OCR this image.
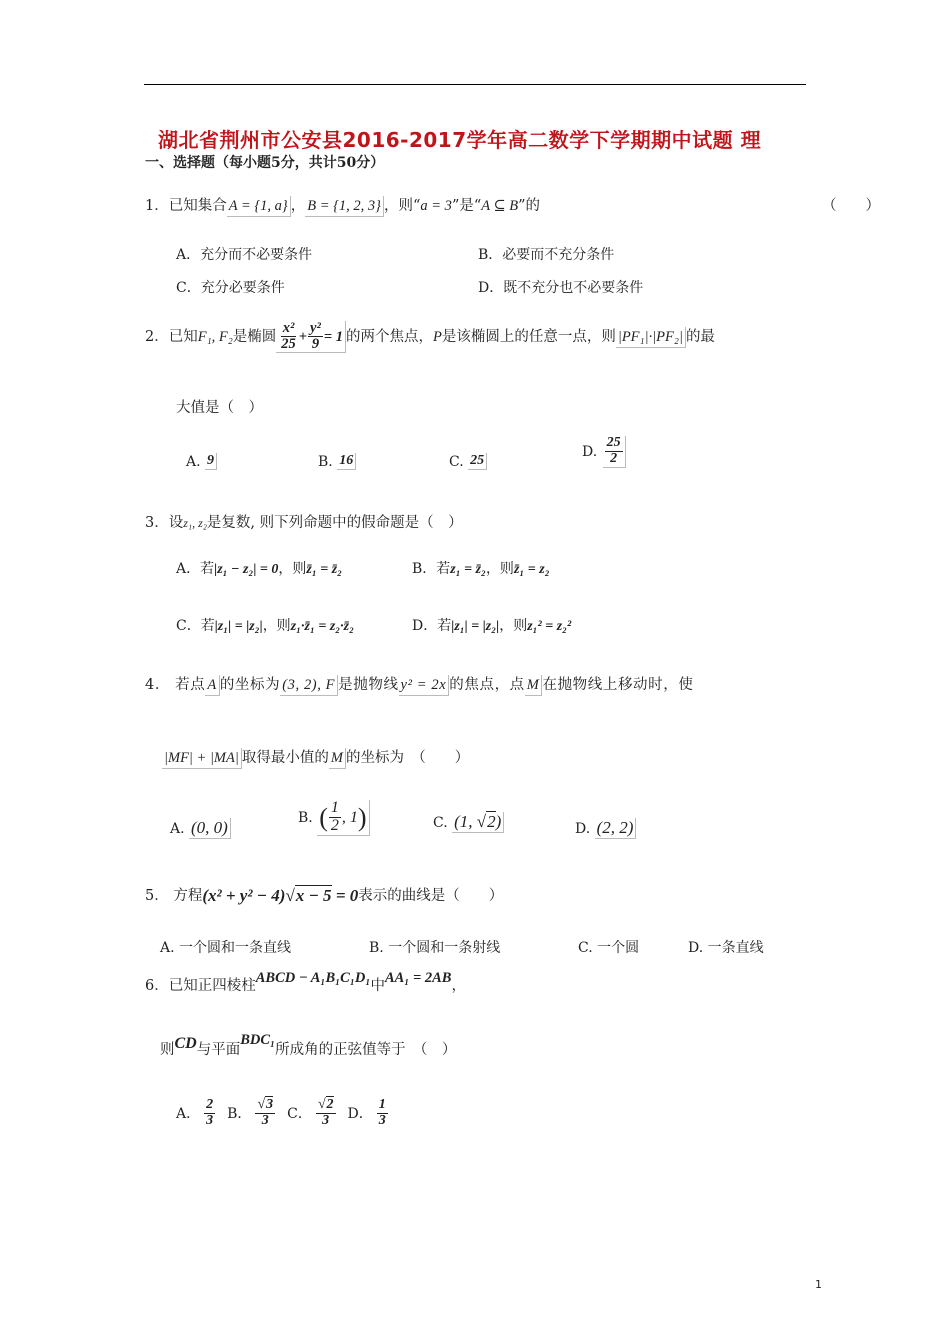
湖北省荆州市公安县2016-2017学年高二数学下学期期中试题 理
一、选择题（每小题5分，共计50分）
1．已知集合 A = {1, a} ， B = {1, 2, 3} ，则“a = 3”是“A ⊆ B”的	（　　）
A．充分而不必要条件	B．必要而不充分条件
C．充分必要条件	D．既不充分也不必要条件
2．已知 F₁, F₂ 是椭圆 $\frac{\text{x²}}{25} + \frac{\text{y²}}{9} = 1$ 的两个焦点， P 是该椭圆上的任意一点，则 |PF₁|·|PF₂| 的最
大值是（　）
A.
9	B.
16	C.
25
D.
$\frac{25}{2}$
3．设z₁, z₂是复数, 则下列命题中的假命题是（　）
A．若|z₁ − z₂| = 0，则z̄₁ = z̄₂	B．若z₁ = z̄₂，则z̄₁ = z₂
C．若|z₁| = |z₂|，则z₁·z̄₁ = z₂·z̄₂	D．若|z₁| = |z₂|，则z₁² = z₂²
4． 若点 A 的坐标为 (3, 2), F 是抛物线 y² = 2x 的焦点，点 M 在抛物线上移动时，使
|MF| + |MA| 取得最小值的 M 的坐标为　（　　）
A.
(0, 0)	B.
( $\frac{1}{2}$ , 1 )	C.
(1, √2)	D.
(2, 2)
5． 方程 (x² + y² − 4)√x − 5 = 0 表示的曲线是（　　）
A. 一个圆和一条直线	B. 一个圆和一条射线	C. 一个圆	D. 一条直线
6．已知正四棱柱ABCD − A₁B₁C₁D₁中AA₁ = 2AB，
则CD与平面BDC₁所成角的正弦值等于　（　）
A． $\frac{2}{3}$ B． $\frac{√3}{3}$ C． $\frac{√2}{3}$ D． $\frac{1}{3}$
1
